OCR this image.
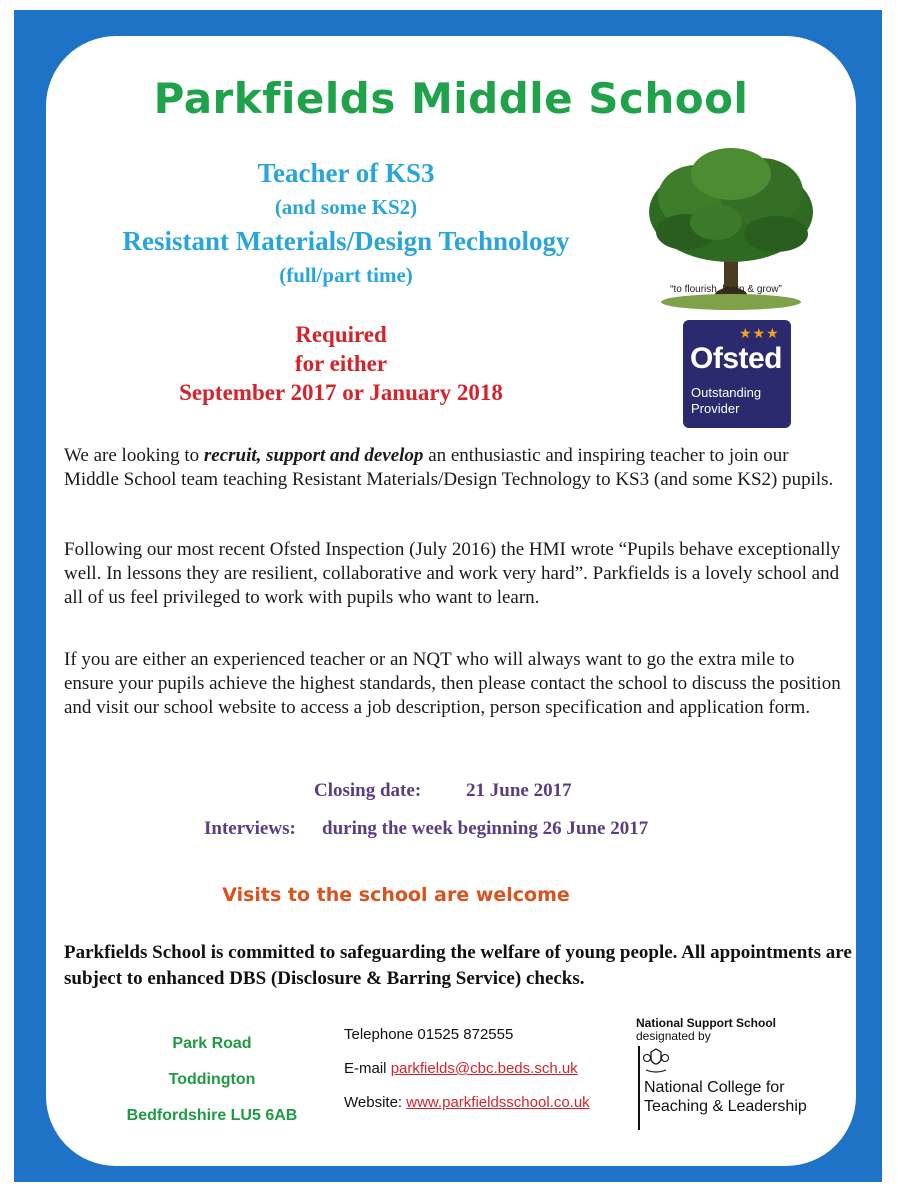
Parkfields Middle School
Teacher of KS3
(and some KS2)
Resistant Materials/Design Technology
(full/part time)
“to flourish, learn & grow”
★★★
Ofsted
Outstanding
Provider
Required
for either
September 2017 or January 2018

We are looking to recruit, support and develop an enthusiastic and inspiring teacher to join our Middle School team teaching Resistant Materials/Design Technology to KS3 (and some KS2) pupils.

Following our most recent Ofsted Inspection (July 2016) the HMI wrote “Pupils behave exceptionally well. In lessons they are resilient, collaborative and work very hard”. Parkfields is a lovely school and all of us feel privileged to work with pupils who want to learn.

If you are either an experienced teacher or an NQT who will always want to go the extra mile to ensure your pupils achieve the highest standards, then please contact the school to discuss the position and visit our school website to access a job description, person specification and application form.

Closing date: 21 June 2017
Interviews: during the week beginning 26 June 2017
Visits to the school are welcome
Parkfields School is committed to safeguarding the welfare of young people. All appointments are subject to enhanced DBS (Disclosure & Barring Service) checks.
Park Road
Toddington
Bedfordshire LU5 6AB
Telephone 01525 872555
E-mail parkfields@cbc.beds.sch.uk
Website: www.parkfieldsschool.co.uk
National Support School
designated by
National College for
Teaching & Leadership
